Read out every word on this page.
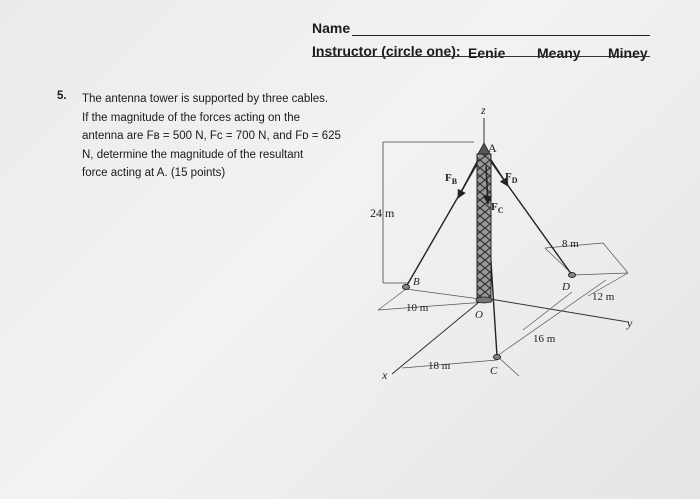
Name
Instructor (circle one): Eenie Meany Miney
5. The antenna tower is supported by three cables.
If the magnitude of the forces acting on the
antenna are Fʙ = 500 N, Fᴄ = 700 N, and Fᴅ = 625
N, determine the magnitude of the resultant
force acting at A. (15 points)
z
A
$F_B$	$F_D$
$F_C$
24 m
B	D
O
C
x
y
8 m
12 m
10 m
16 m
18 m
